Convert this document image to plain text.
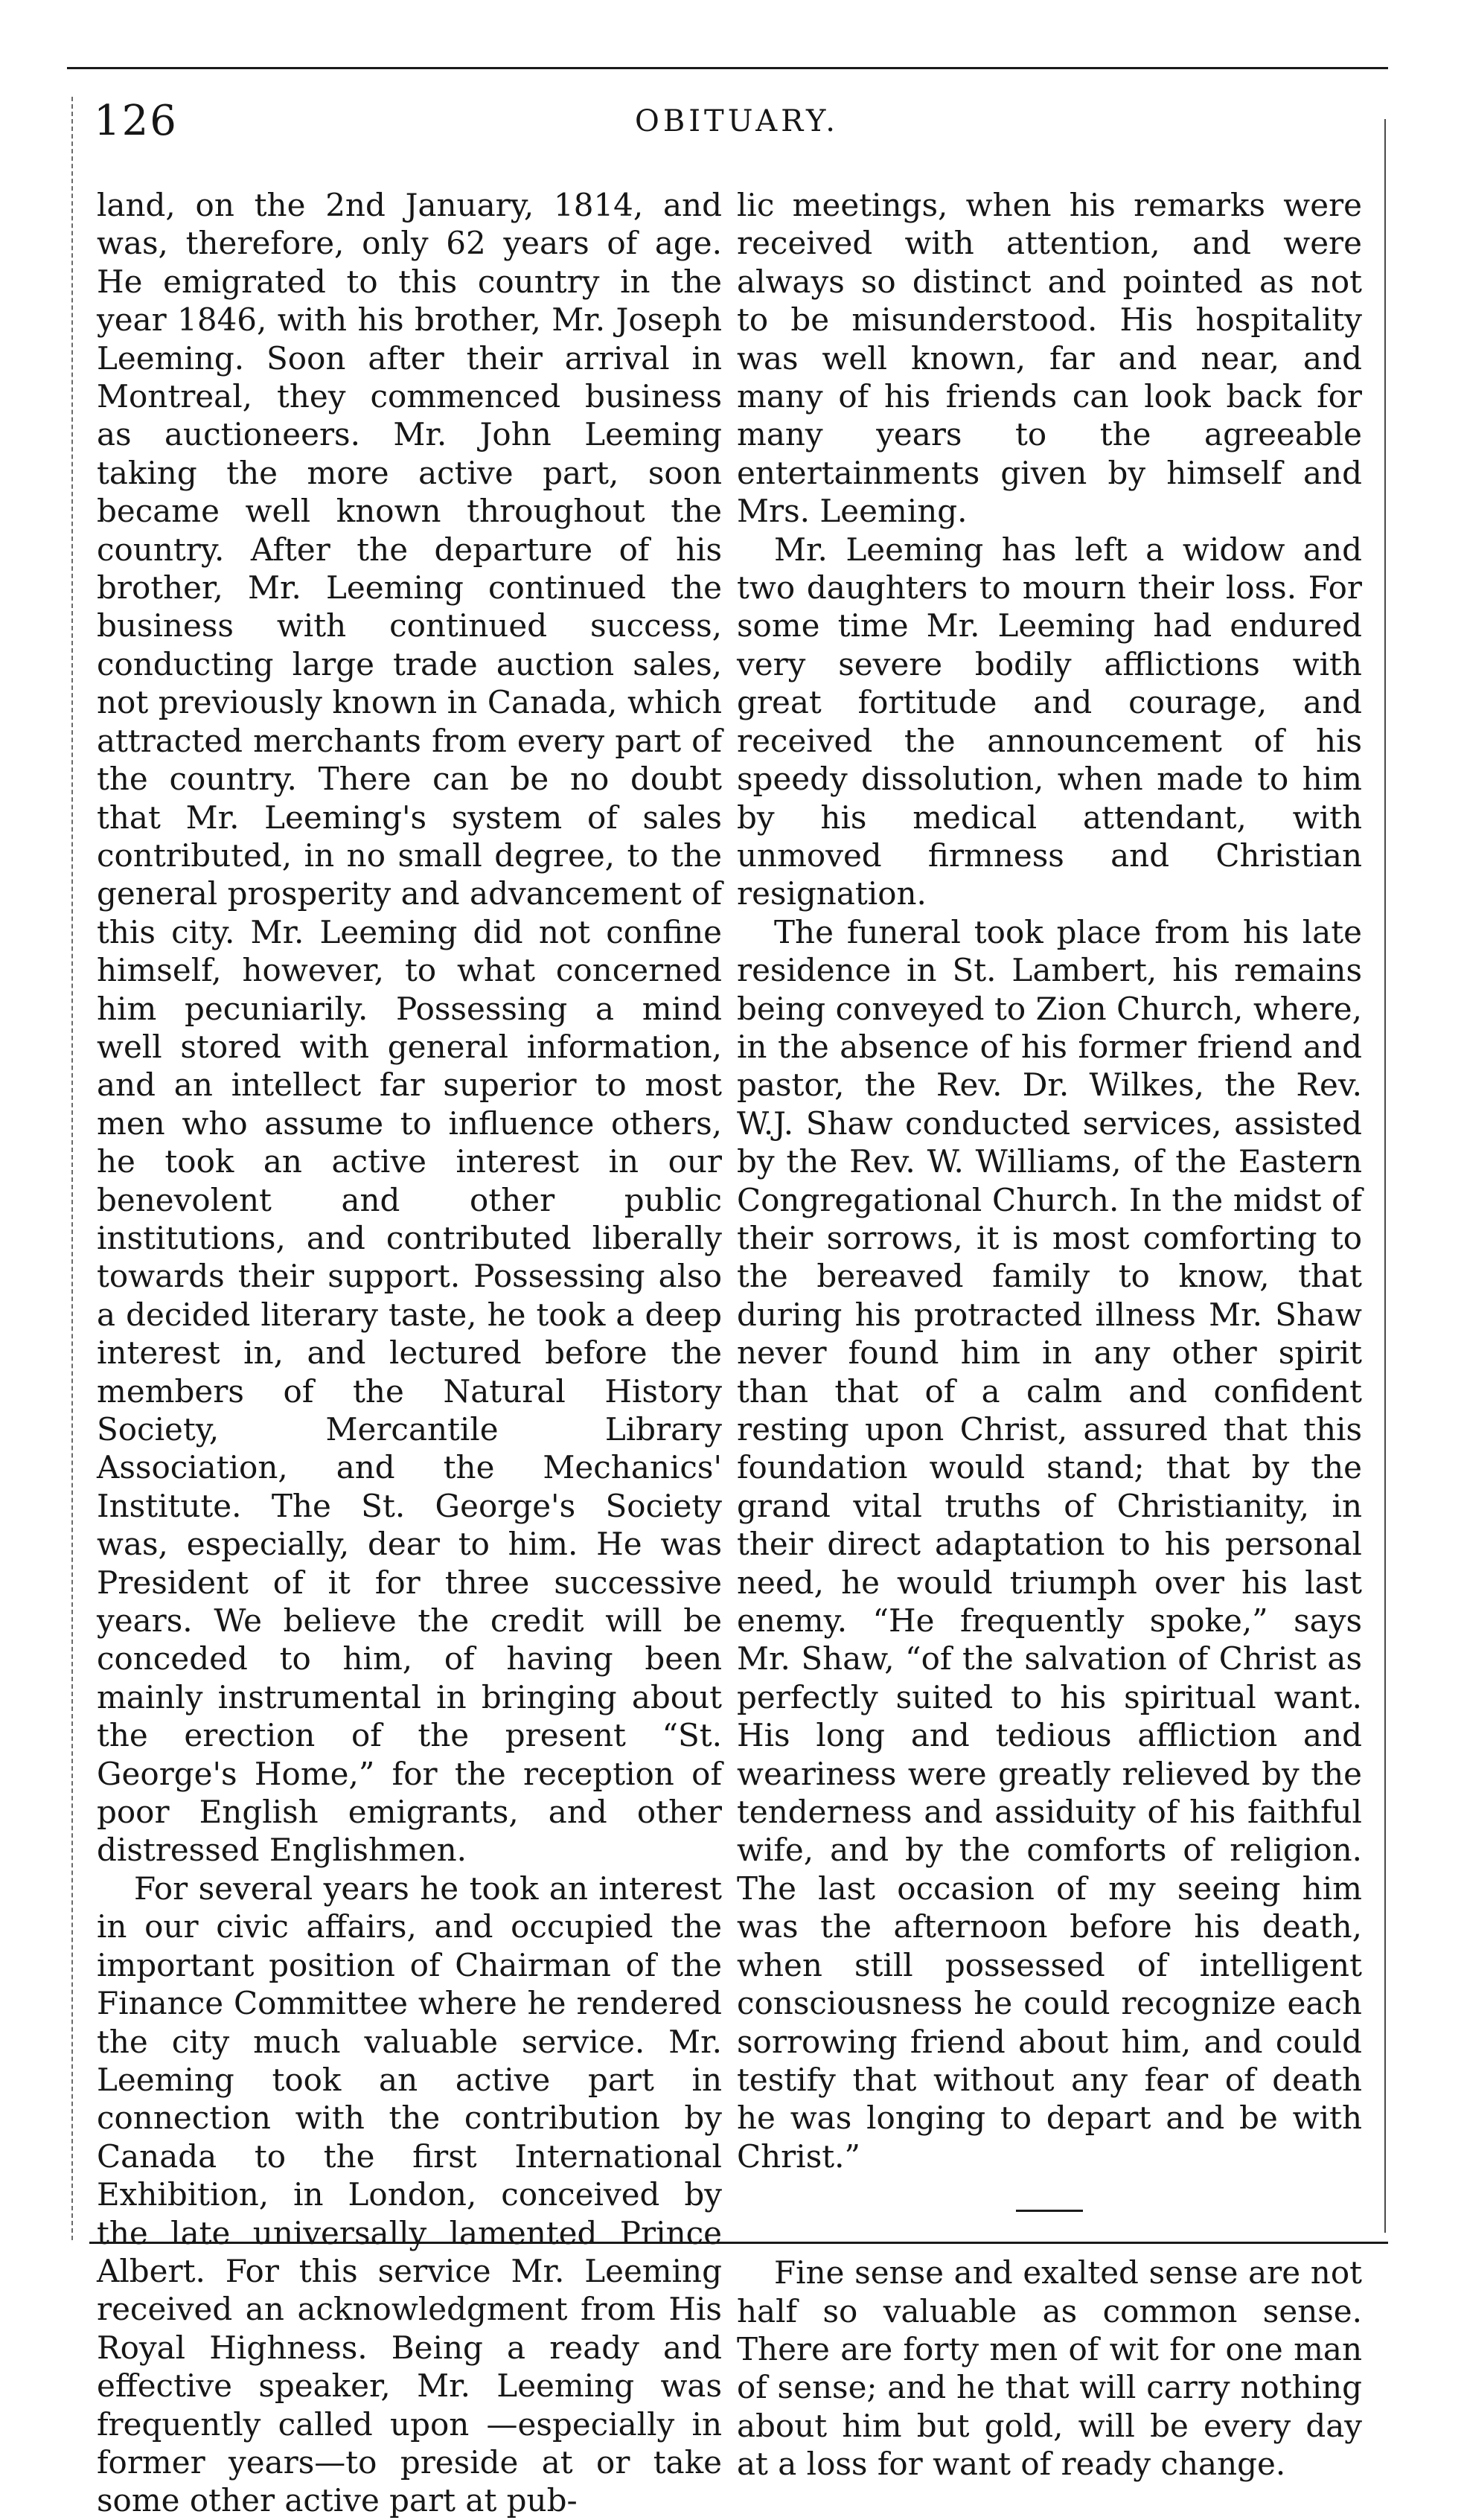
126	OBITUARY.

land, on the 2nd January, 1814, and was, therefore, only 62 years of age. He emigrated to this country in the year 1846, with his brother, Mr. Joseph Leeming. Soon after their arrival in Montreal, they commenced business as auctioneers. Mr. John Leeming taking the more active part, soon became well known throughout the country. After the departure of his brother, Mr. Leeming continued the business with continued success, conducting large trade auction sales, not previously known in Canada, which attracted merchants from every part of the country. There can be no doubt that Mr. Leeming's system of sales contributed, in no small degree, to the general prosperity and advancement of this city. Mr. Leeming did not confine himself, however, to what concerned him pecuniarily. Possessing a mind well stored with general information, and an intellect far superior to most men who assume to influence others, he took an active interest in our benevolent and other public institutions, and contributed liberally towards their support. Possessing also a decided literary taste, he took a deep interest in, and lectured before the members of the Natural History Society, Mercantile Library Association, and the Mechanics' Institute. The St. George's Society was, especially, dear to him. He was President of it for three successive years. We believe the credit will be conceded to him, of having been mainly instrumental in bringing about the erection of the present “St. George's Home,” for the reception of poor English emigrants, and other distressed Englishmen.

For several years he took an interest in our civic affairs, and occupied the important position of Chairman of the Finance Committee where he rendered the city much valuable service. Mr. Leeming took an active part in connection with the contribution by Canada to the first International Exhibition, in London, conceived by the late universally lamented Prince Albert. For this service Mr. Leeming received an acknowledgment from His Royal Highness. Being a ready and effective speaker, Mr. Leeming was frequently called upon —especially in former years—to preside at or take some other active part at pub-

lic meetings, when his remarks were received with attention, and were always so distinct and pointed as not to be misunderstood. His hospitality was well known, far and near, and many of his friends can look back for many years to the agreeable entertainments given by himself and Mrs. Leeming.

Mr. Leeming has left a widow and two daughters to mourn their loss. For some time Mr. Leeming had endured very severe bodily afflictions with great fortitude and courage, and received the announcement of his speedy dissolution, when made to him by his medical attendant, with unmoved firmness and Christian resignation.

The funeral took place from his late residence in St. Lambert, his remains being conveyed to Zion Church, where, in the absence of his former friend and pastor, the Rev. Dr. Wilkes, the Rev. W.J. Shaw conducted services, assisted by the Rev. W. Williams, of the Eastern Congregational Church. In the midst of their sorrows, it is most comforting to the bereaved family to know, that during his protracted illness Mr. Shaw never found him in any other spirit than that of a calm and confident resting upon Christ, assured that this foundation would stand; that by the grand vital truths of Christianity, in their direct adaptation to his personal need, he would triumph over his last enemy. “He frequently spoke,” says Mr. Shaw, “of the salvation of Christ as perfectly suited to his spiritual want. His long and tedious affliction and weariness were greatly relieved by the tenderness and assiduity of his faithful wife, and by the comforts of religion. The last occasion of my seeing him was the afternoon before his death, when still possessed of intelligent consciousness he could recognize each sorrowing friend about him, and could testify that without any fear of death he was longing to depart and be with Christ.”

Fine sense and exalted sense are not half so valuable as common sense. There are forty men of wit for one man of sense; and he that will carry nothing about him but gold, will be every day at a loss for want of ready change.
